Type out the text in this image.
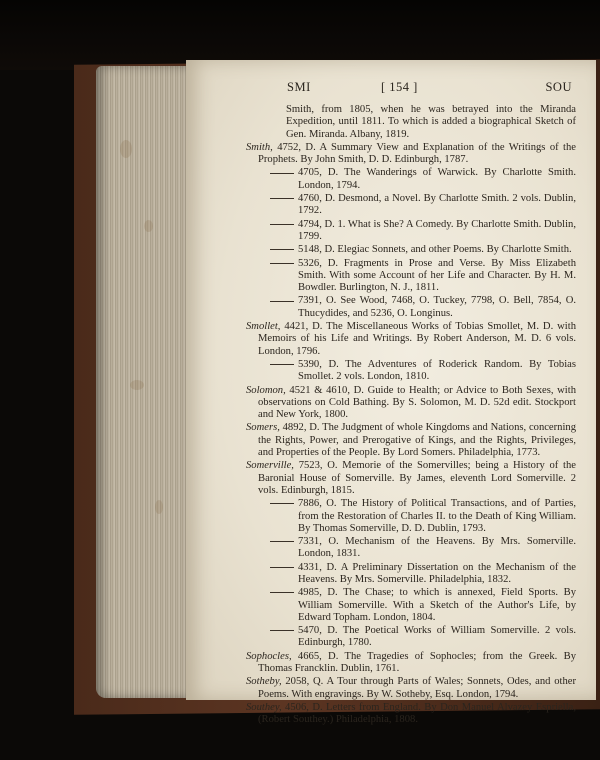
SMI	[ 154 ]	SOU
Smith, from 1805, when he was betrayed into the Miranda Expedition, until 1811. To which is added a biographical Sketch of Gen. Miranda. Albany, 1819.
Smith, 4752, D. A Summary View and Explanation of the Writings of the Prophets. By John Smith, D. D. Edinburgh, 1787.
4705, D. The Wanderings of Warwick. By Charlotte Smith. London, 1794.
4760, D. Desmond, a Novel. By Charlotte Smith. 2 vols. Dublin, 1792.
4794, D. 1. What is She? A Comedy. By Charlotte Smith. Dublin, 1799.
5148, D. Elegiac Sonnets, and other Poems. By Charlotte Smith.
5326, D. Fragments in Prose and Verse. By Miss Elizabeth Smith. With some Account of her Life and Character. By H. M. Bowdler. Burlington, N. J., 1811.
7391, O. See Wood, 7468, O. Tuckey, 7798, O. Bell, 7854, O. Thucydides, and 5236, O. Longinus.
Smollet, 4421, D. The Miscellaneous Works of Tobias Smollet, M. D. with Memoirs of his Life and Writings. By Robert Anderson, M. D. 6 vols. London, 1796.
5390, D. The Adventures of Roderick Random. By Tobias Smollet. 2 vols. London, 1810.
Solomon, 4521 & 4610, D. Guide to Health; or Advice to Both Sexes, with observations on Cold Bathing. By S. Solomon, M. D. 52d edit. Stockport and New York, 1800.
Somers, 4892, D. The Judgment of whole Kingdoms and Nations, concerning the Rights, Power, and Prerogative of Kings, and the Rights, Privileges, and Properties of the People. By Lord Somers. Philadelphia, 1773.
Somerville, 7523, O. Memorie of the Somervilles; being a History of the Baronial House of Somerville. By James, eleventh Lord Somerville. 2 vols. Edinburgh, 1815.
7886, O. The History of Political Transactions, and of Parties, from the Restoration of Charles II. to the Death of King William. By Thomas Somerville, D. D. Dublin, 1793.
7331, O. Mechanism of the Heavens. By Mrs. Somerville. London, 1831.
4331, D. A Preliminary Dissertation on the Mechanism of the Heavens. By Mrs. Somerville. Philadelphia, 1832.
4985, D. The Chase; to which is annexed, Field Sports. By William Somerville. With a Sketch of the Author's Life, by Edward Topham. London, 1804.
5470, D. The Poetical Works of William Somerville. 2 vols. Edinburgh, 1780.
Sophocles, 4665, D. The Tragedies of Sophocles; from the Greek. By Thomas Francklin. Dublin, 1761.
Sotheby, 2058, Q. A Tour through Parts of Wales; Sonnets, Odes, and other Poems. With engravings. By W. Sotheby, Esq. London, 1794.
Southey, 4506, D. Letters from England. By Don Manuel Alvazey Espriella, (Robert Southey.) Philadelphia, 1808.
